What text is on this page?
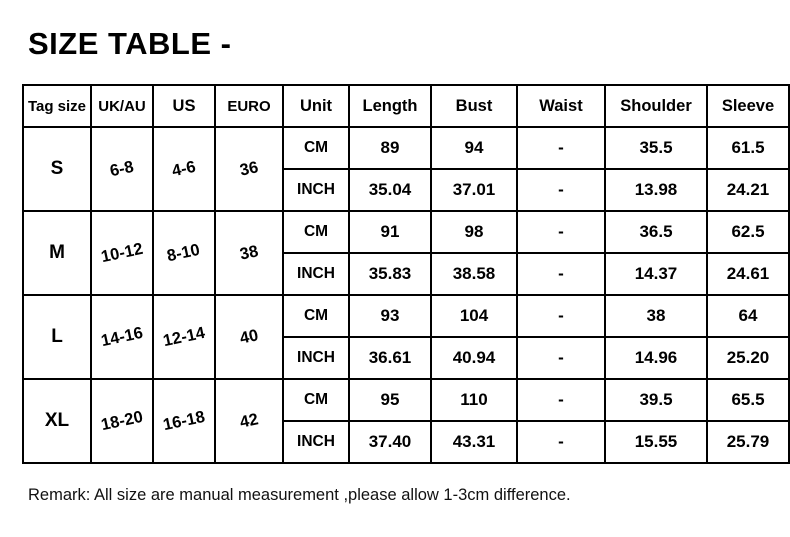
SIZE TABLE -
Tag size	UK/AU	US	EURO	Unit	Length	Bust	Waist	Shoulder	Sleeve
S	6-8	4-6	36	CM	89	94	-	35.5	61.5
				INCH	35.04	37.01	-	13.98	24.21
M	10-12	8-10	38	CM	91	98	-	36.5	62.5
				INCH	35.83	38.58	-	14.37	24.61
L	14-16	12-14	40	CM	93	104	-	38	64
				INCH	36.61	40.94	-	14.96	25.20
XL	18-20	16-18	42	CM	95	110	-	39.5	65.5
				INCH	37.40	43.31	-	15.55	25.79
Remark: All size are manual measurement ,please allow 1-3cm difference.
